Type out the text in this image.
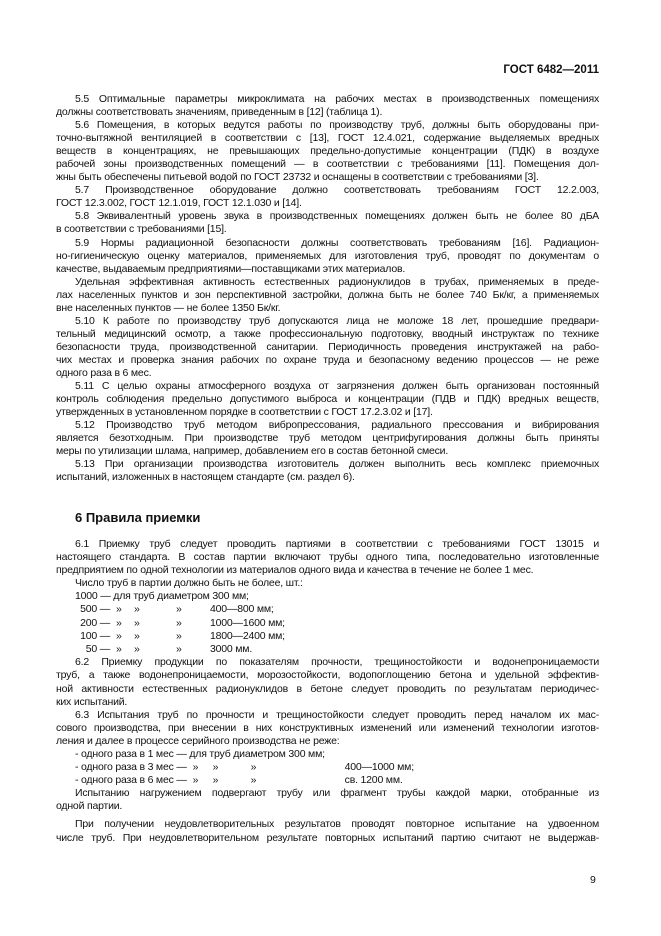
ГОСТ 6482—2011
5.5 Оптимальные параметры микроклимата на рабочих местах в производственных помещениях
должны соответствовать значениям, приведенным в [12] (таблица 1).
5.6 Помещения, в которых ведутся работы по производству труб, должны быть оборудованы при-
точно-вытяжной вентиляцией в соответствии с [13], ГОСТ 12.4.021, содержание выделяемых вредных
веществ в концентрациях, не превышающих предельно-допустимые концентрации (ПДК) в воздухе
рабочей зоны производственных помещений — в соответствии с требованиями [11]. Помещения дол-
жны быть обеспечены питьевой водой по ГОСТ 23732 и оснащены в соответствии с требованиями [3].
5.7 Производственное оборудование должно соответствовать требованиям ГОСТ 12.2.003,
ГОСТ 12.3.002, ГОСТ 12.1.019, ГОСТ 12.1.030 и [14].
5.8 Эквивалентный уровень звука в производственных помещениях должен быть не более 80 дБА
в соответствии с требованиями [15].
5.9 Нормы радиационной безопасности должны соответствовать требованиям [16]. Радиацион-
но-гигиеническую оценку материалов, применяемых для изготовления труб, проводят по документам о
качестве, выдаваемым предприятиями—поставщиками этих материалов.
Удельная эффективная активность естественных радионуклидов в трубах, применяемых в преде-
лах населенных пунктов и зон перспективной застройки, должна быть не более 740 Бк/кг, а применяемых
вне населенных пунктов — не более 1350 Бк/кг.
5.10 К работе по производству труб допускаются лица не моложе 18 лет, прошедшие предвари-
тельный медицинский осмотр, а также профессиональную подготовку, вводный инструктаж по технике
безопасности труда, производственной санитарии. Периодичность проведения инструктажей на рабо-
чих местах и проверка знания рабочих по охране труда и безопасному ведению процессов — не реже
одного раза в 6 мес.
5.11 С целью охраны атмосферного воздуха от загрязнения должен быть организован постоянный
контроль соблюдения предельно допустимого выброса и концентрации (ПДВ и ПДК) вредных веществ,
утвержденных в установленном порядке в соответствии с ГОСТ 17.2.3.02 и [17].
5.12 Производство труб методом вибропрессования, радиального прессования и вибрирования
является безотходным. При производстве труб методом центрифугирования должны быть приняты
меры по утилизации шлама, например, добавлением его в состав бетонной смеси.
5.13 При организации производства изготовитель должен выполнить весь комплекс приемочных
испытаний, изложенных в настоящем стандарте (см. раздел 6).
6 Правила приемки
6.1 Приемку труб следует проводить партиями в соответствии с требованиями ГОСТ 13015 и
настоящего стандарта. В состав партии включают трубы одного типа, последовательно изготовленные
предприятием по одной технологии из материалов одного вида и качества в течение не более 1 мес.
Число труб в партии должно быть не более, шт.:
1000 — для труб диаметром 300 мм;
500 — »	»	»	400—800 мм;
200 — »	»	»	1000—1600 мм;
100 — »	»	»	1800—2400 мм;
50 — »	»	»	3000 мм.
6.2 Приемку продукции по показателям прочности, трещиностойкости и водонепроницаемости
труб, а также водонепроницаемости, морозостойкости, водопоглощению бетона и удельной эффектив-
ной активности естественных радионуклидов в бетоне следует проводить по результатам периодичес-
ких испытаний.
6.3 Испытания труб по прочности и трещиностойкости следует проводить перед началом их мас-
сового производства, при внесении в них конструктивных изменений или изменений технологии изготов-
ления и далее в процессе серийного производства не реже:
- одного раза в 1 мес — для труб диаметром 300 мм;
- одного раза в 3 мес — »	»	»	400—1000 мм;
- одного раза в 6 мес — »	»	»	св. 1200 мм.
Испытанию нагружением подвергают трубу или фрагмент трубы каждой марки, отобранные из
одной партии.
При получении неудовлетворительных результатов проводят повторное испытание на удвоенном
числе труб. При неудовлетворительном результате повторных испытаний партию считают не выдержав-
9
